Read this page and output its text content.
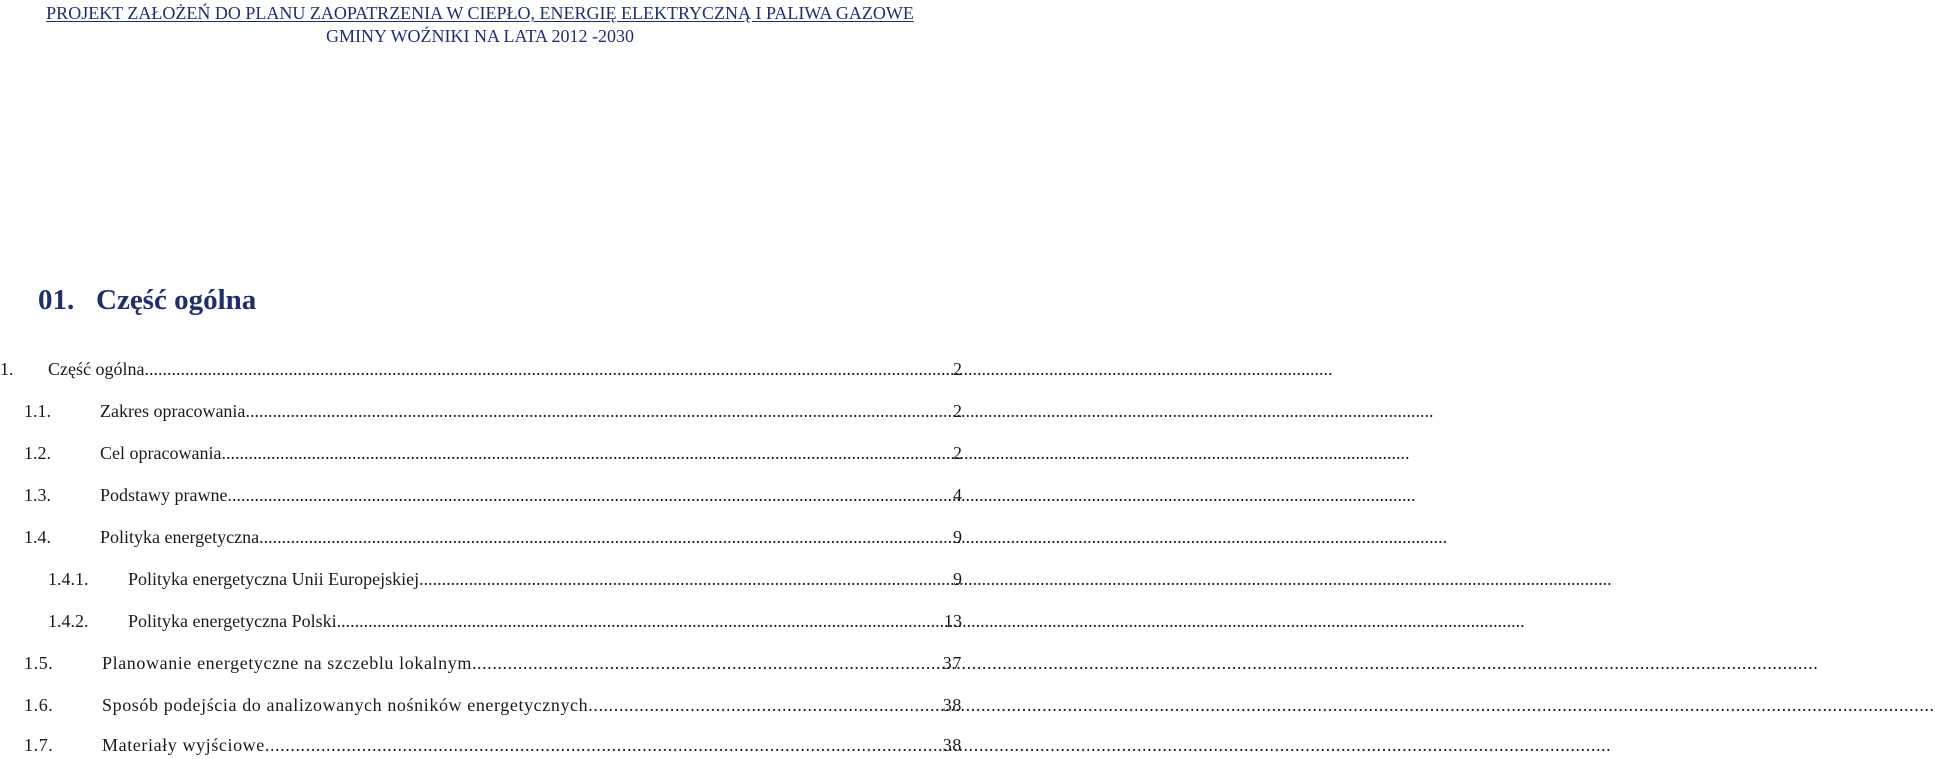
PROJEKT ZAŁOŻEŃ DO PLANU ZAOPATRZENIA W CIEPŁO, ENERGIĘ ELEKTRYCZNĄ I PALIWA GAZOWE
GMINY WOŹNIKI NA LATA 2012 -2030
01. Część ogólna
1.	Część ogólna .....	2
1.1.	Zakres opracowania .....	2
1.2.	Cel opracowania .....	2
1.3.	Podstawy prawne .....	4
1.4.	Polityka energetyczna .....	9
1.4.1.	Polityka energetyczna Unii Europejskiej. .....	9
1.4.2.	Polityka energetyczna Polski .....	13
1.5.	Planowanie energetyczne na szczeblu lokalnym .....	37
1.6.	Sposób podejścia do analizowanych nośników energetycznych .....	38
1.7.	Materiały wyjściowe .....	38
